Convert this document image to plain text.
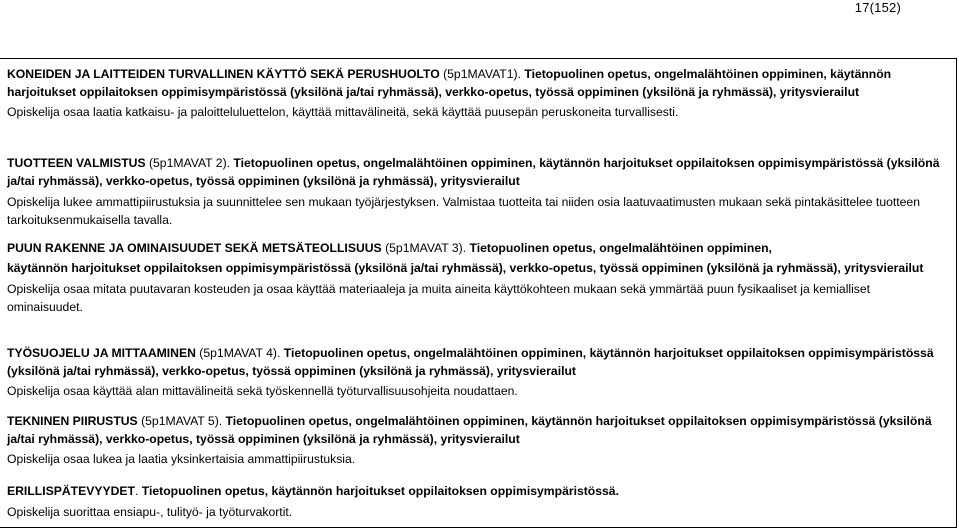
17(152)

KONEIDEN JA LAITTEIDEN TURVALLINEN KÄYTTÖ SEKÄ PERUSHUOLTO (5p1MAVAT1). Tietopuolinen opetus, ongelmalähtöinen oppiminen, käytännön harjoitukset oppilaitoksen oppimisympäristössä (yksilönä ja/tai ryhmässä), verkko-opetus, työssä oppiminen (yksilönä ja ryhmässä), yritysvierailut

Opiskelija osaa laatia katkaisu- ja paloitteluluettelon, käyttää mittavälineitä, sekä käyttää puusepän peruskoneita turvallisesti.

TUOTTEEN VALMISTUS (5p1MAVAT 2). Tietopuolinen opetus, ongelmalähtöinen oppiminen, käytännön harjoitukset oppilaitoksen oppimisympäristössä (yksilönä ja/tai ryhmässä), verkko-opetus, työssä oppiminen (yksilönä ja ryhmässä), yritysvierailut

Opiskelija lukee ammattipiirustuksia ja suunnittelee sen mukaan työjärjestyksen. Valmistaa tuotteita tai niiden osia laatuvaatimusten mukaan sekä pintakäsittelee tuotteen tarkoituksenmukaisella tavalla.

PUUN RAKENNE JA OMINAISUUDET SEKÄ METSÄTEOLLISUUS (5p1MAVAT 3). Tietopuolinen opetus, ongelmalähtöinen oppiminen,

käytännön harjoitukset oppilaitoksen oppimisympäristössä (yksilönä ja/tai ryhmässä), verkko-opetus, työssä oppiminen (yksilönä ja ryhmässä), yritysvierailut

Opiskelija osaa mitata puutavaran kosteuden ja osaa käyttää materiaaleja ja muita aineita käyttökohteen mukaan sekä ymmärtää puun fysikaaliset ja kemialliset ominaisuudet.

TYÖSUOJELU JA MITTAAMINEN (5p1MAVAT 4). Tietopuolinen opetus, ongelmalähtöinen oppiminen, käytännön harjoitukset oppilaitoksen oppimisympäristössä (yksilönä ja/tai ryhmässä), verkko-opetus, työssä oppiminen (yksilönä ja ryhmässä), yritysvierailut

Opiskelija osaa käyttää alan mittavälineitä sekä työskennellä työturvallisuusohjeita noudattaen.

TEKNINEN PIIRUSTUS (5p1MAVAT 5). Tietopuolinen opetus, ongelmalähtöinen oppiminen, käytännön harjoitukset oppilaitoksen oppimisympäristössä (yksilönä ja/tai ryhmässä), verkko-opetus, työssä oppiminen (yksilönä ja ryhmässä), yritysvierailut

Opiskelija osaa lukea ja laatia yksinkertaisia ammattipiirustuksia.

ERILLISPÄTEVYYDET. Tietopuolinen opetus, käytännön harjoitukset oppilaitoksen oppimisympäristössä.

Opiskelija suorittaa ensiapu-, tulityö- ja työturvakortit.
